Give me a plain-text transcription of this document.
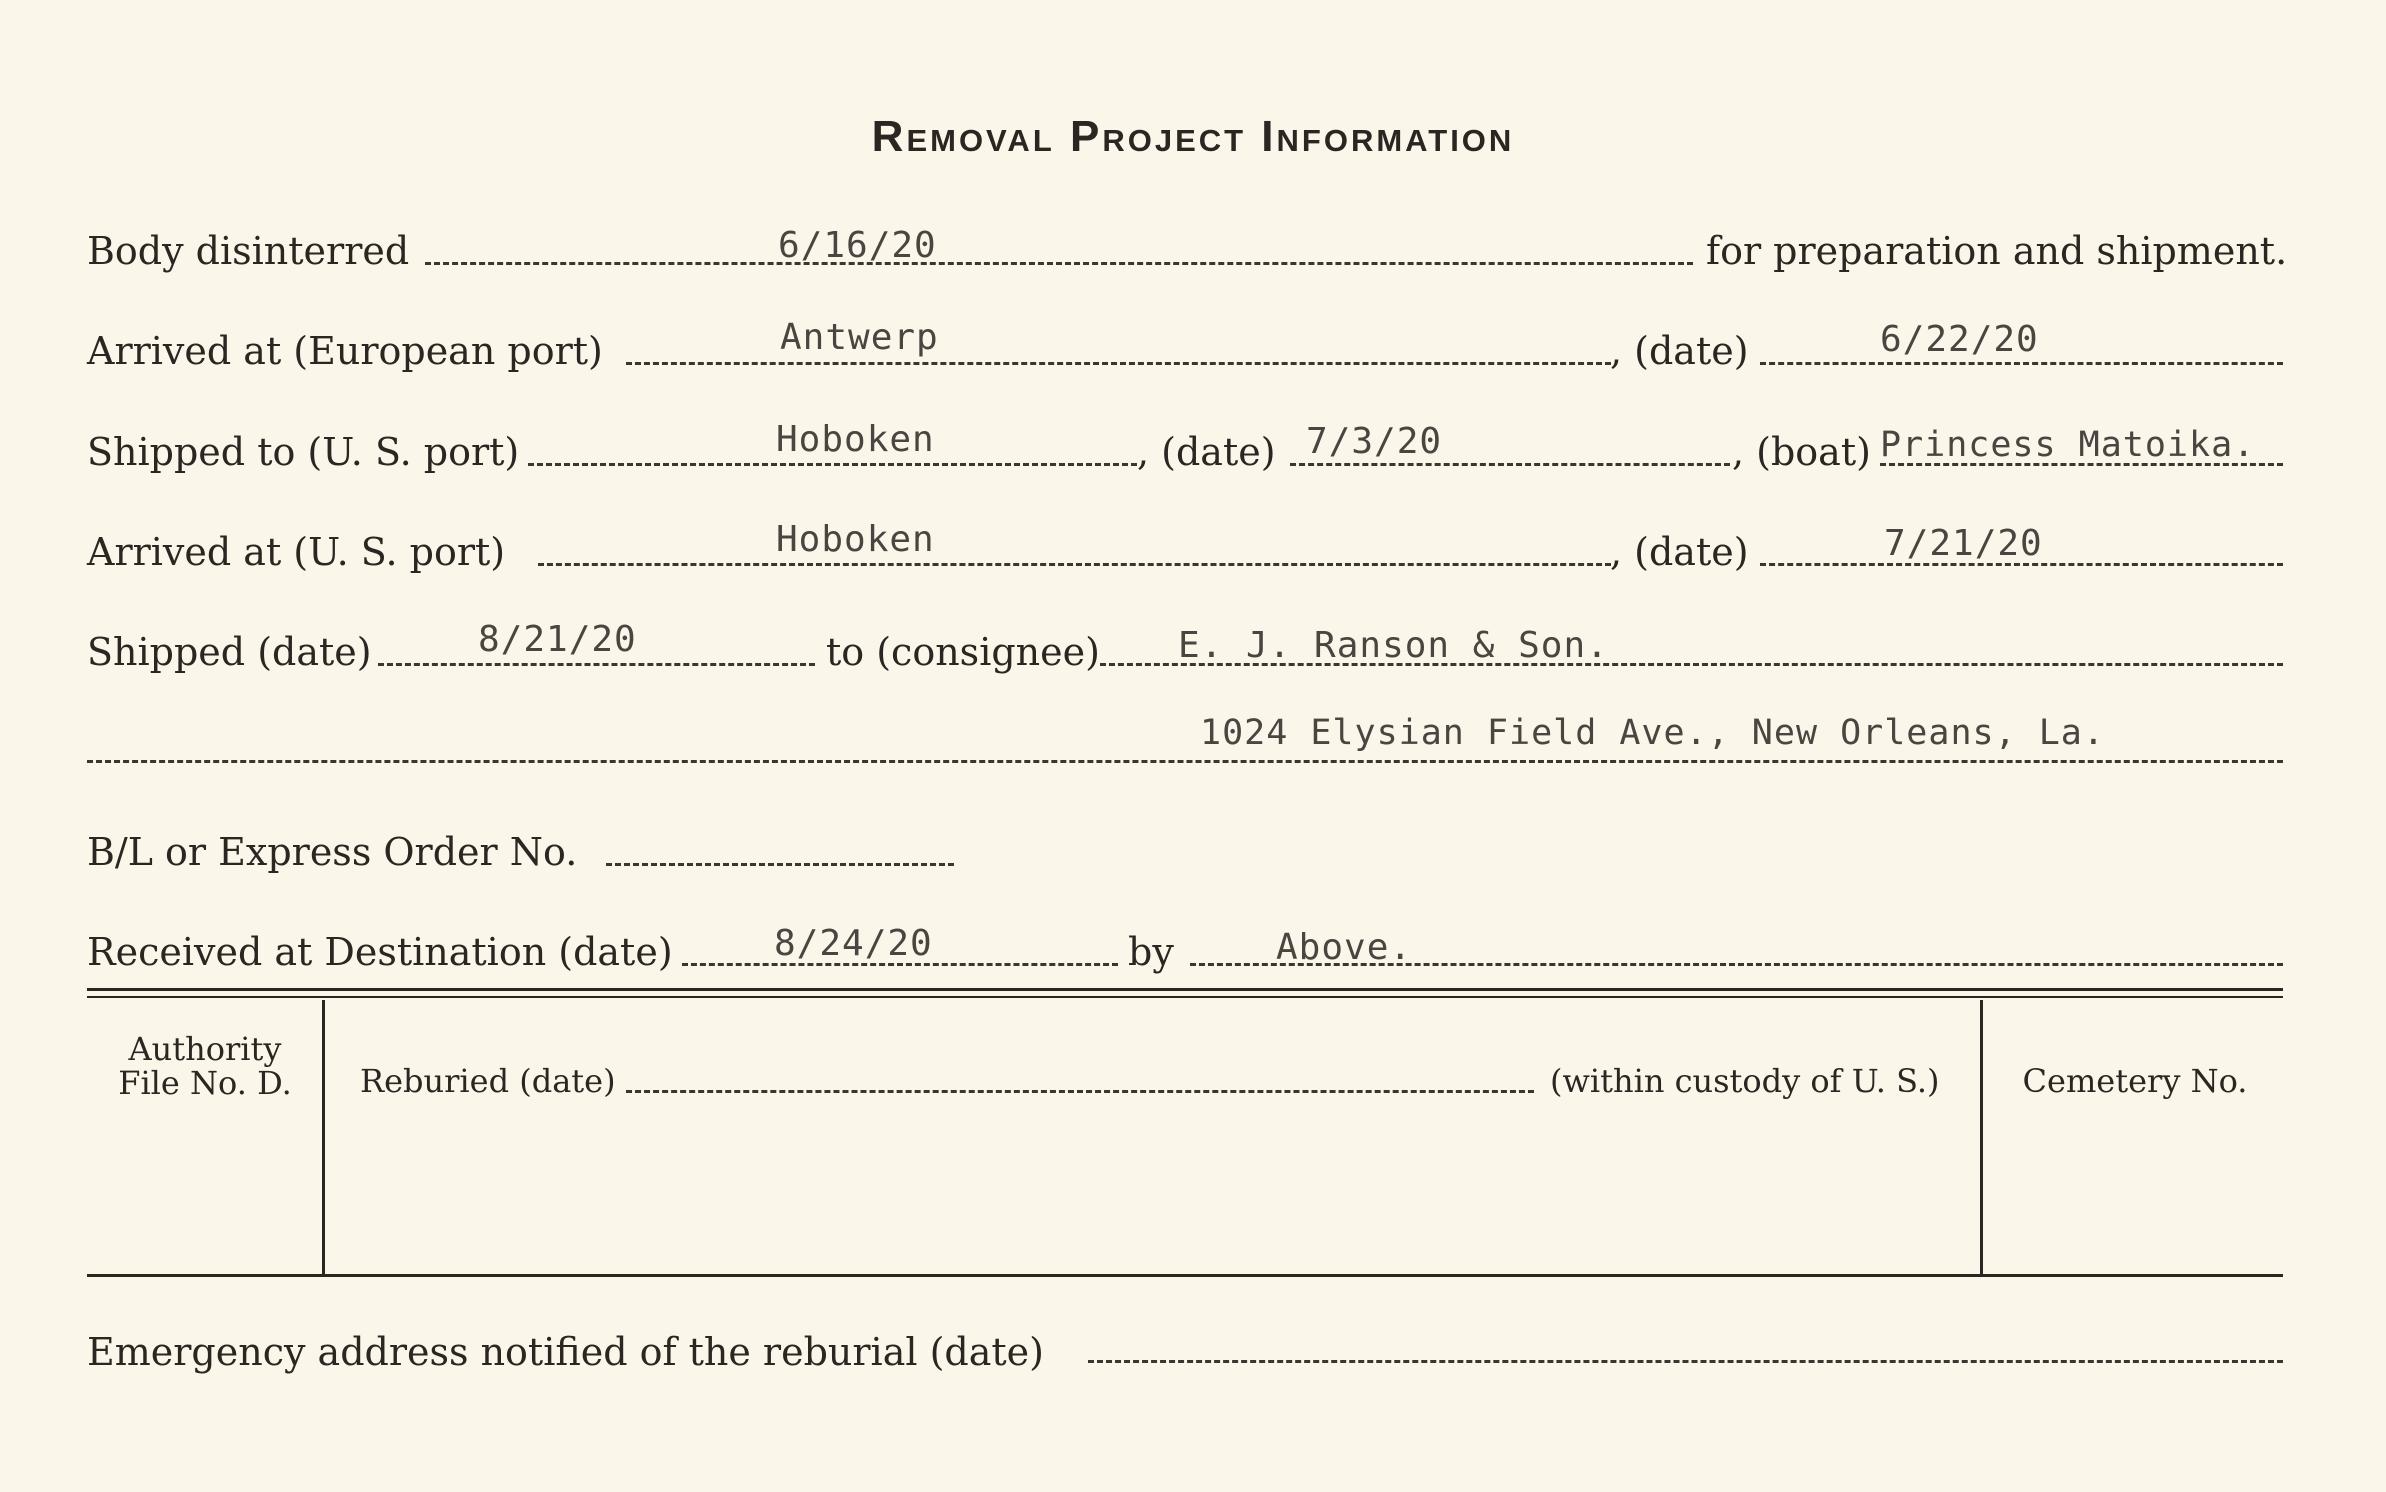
Removal Project Information
Body disinterred	6/16/20	for preparation and shipment.
Arrived at (European port)	Antwerp	, (date)	6/22/20
Shipped to (U. S. port)	Hoboken	, (date) 7/3/20	, (boat) Princess Matoika.
Arrived at (U. S. port)	Hoboken	, (date)	7/21/20
Shipped (date)	8/21/20	to (consignee) E. J. Ranson & Son.
1024 Elysian Field Ave., New Orleans, La.
B/L or Express Order No.
Received at Destination (date)	8/24/20	by	Above.
Authority
File No. D.	Reburied (date)	(within custody of U. S.)	Cemetery No.
Emergency address notified of the reburial (date)
